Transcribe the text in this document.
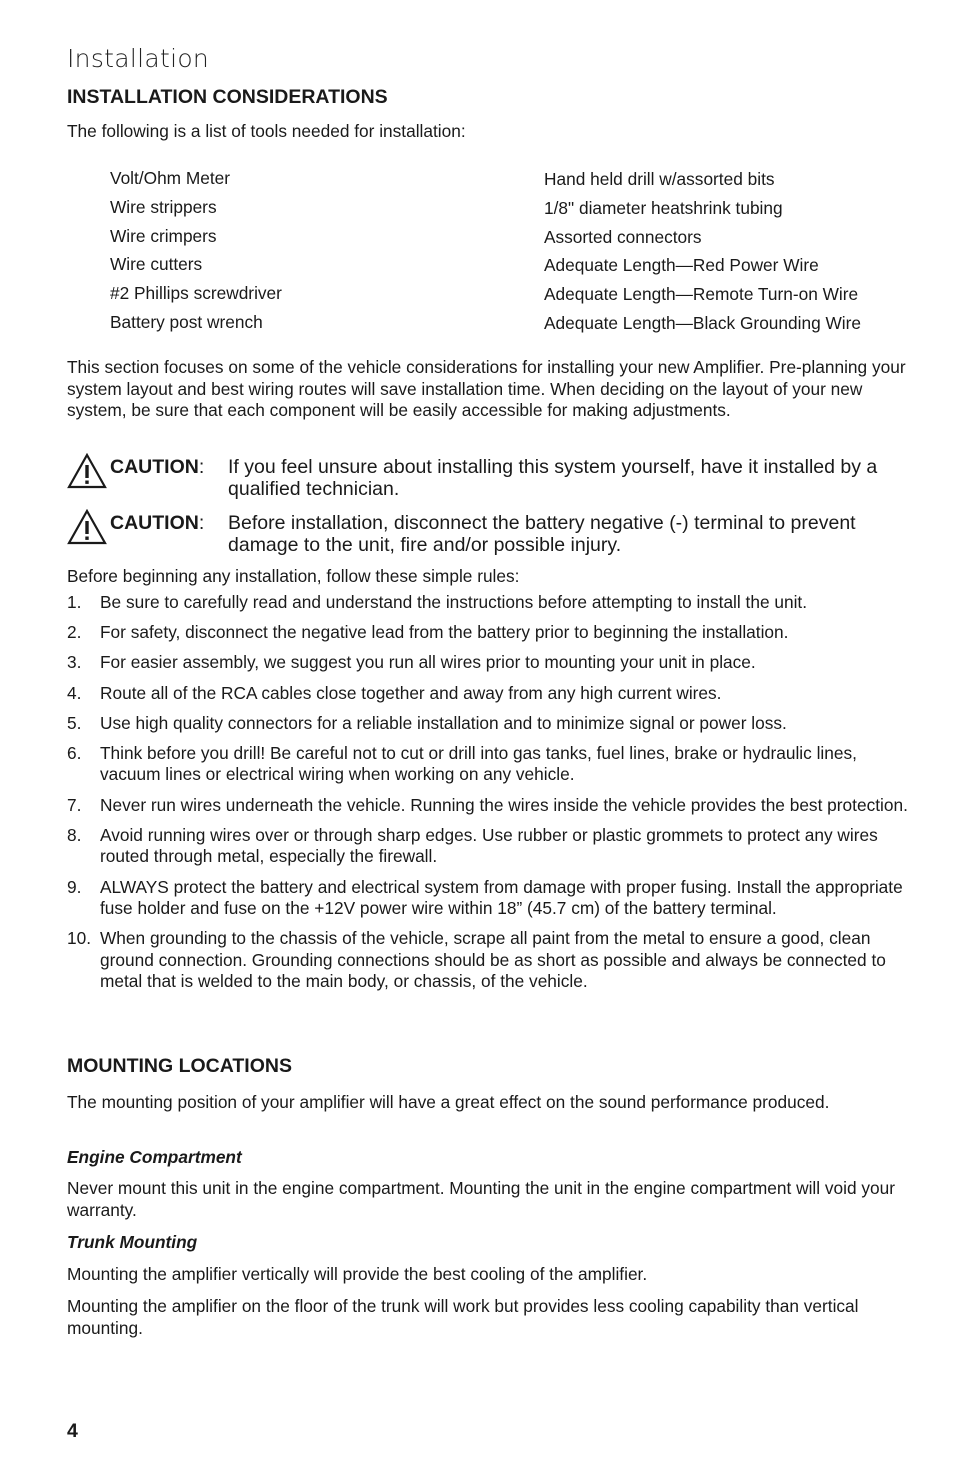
Installation
INSTALLATION CONSIDERATIONS

The following is a list of tools needed for installation:

Volt/Ohm Meter
Wire strippers
Wire crimpers
Wire cutters
#2 Phillips screwdriver
Battery post wrench
Hand held drill w/assorted bits
1/8" diameter heatshrink tubing
Assorted connectors
Adequate Length—Red Power Wire
Adequate Length—Remote Turn-on Wire
Adequate Length—Black Grounding Wire

This section focuses on some of the vehicle considerations for installing your new Amplifier. Pre-planning your system layout and best wiring routes will save installation time. When deciding on the layout of your new system, be sure that each component will be easily accessible for making adjustments.

CAUTION: If you feel unsure about installing this system yourself, have it installed by a qualified technician.
CAUTION: Before installation, disconnect the battery negative (-) terminal to prevent damage to the unit, fire and/or possible injury.

Before beginning any installation, follow these simple rules:

1. Be sure to carefully read and understand the instructions before attempting to install the unit.
2. For safety, disconnect the negative lead from the battery prior to beginning the installation.
3. For easier assembly, we suggest you run all wires prior to mounting your unit in place.
4. Route all of the RCA cables close together and away from any high current wires.
5. Use high quality connectors for a reliable installation and to minimize signal or power loss.
6. Think before you drill! Be careful not to cut or drill into gas tanks, fuel lines, brake or hydraulic lines, vacuum lines or electrical wiring when working on any vehicle.
7. Never run wires underneath the vehicle. Running the wires inside the vehicle provides the best protection.
8. Avoid running wires over or through sharp edges. Use rubber or plastic grommets to protect any wires routed through metal, especially the firewall.
9. ALWAYS protect the battery and electrical system from damage with proper fusing. Install the appropriate fuse holder and fuse on the +12V power wire within 18” (45.7 cm) of the battery terminal.
10. When grounding to the chassis of the vehicle, scrape all paint from the metal to ensure a good, clean ground connection. Grounding connections should be as short as possible and always be connected to metal that is welded to the main body, or chassis, of the vehicle.
MOUNTING LOCATIONS

The mounting position of your amplifier will have a great effect on the sound performance produced.

Engine Compartment

Never mount this unit in the engine compartment. Mounting the unit in the engine compartment will void your warranty.

Trunk Mounting

Mounting the amplifier vertically will provide the best cooling of the amplifier.

Mounting the amplifier on the floor of the trunk will work but provides less cooling capability than vertical mounting.

4
